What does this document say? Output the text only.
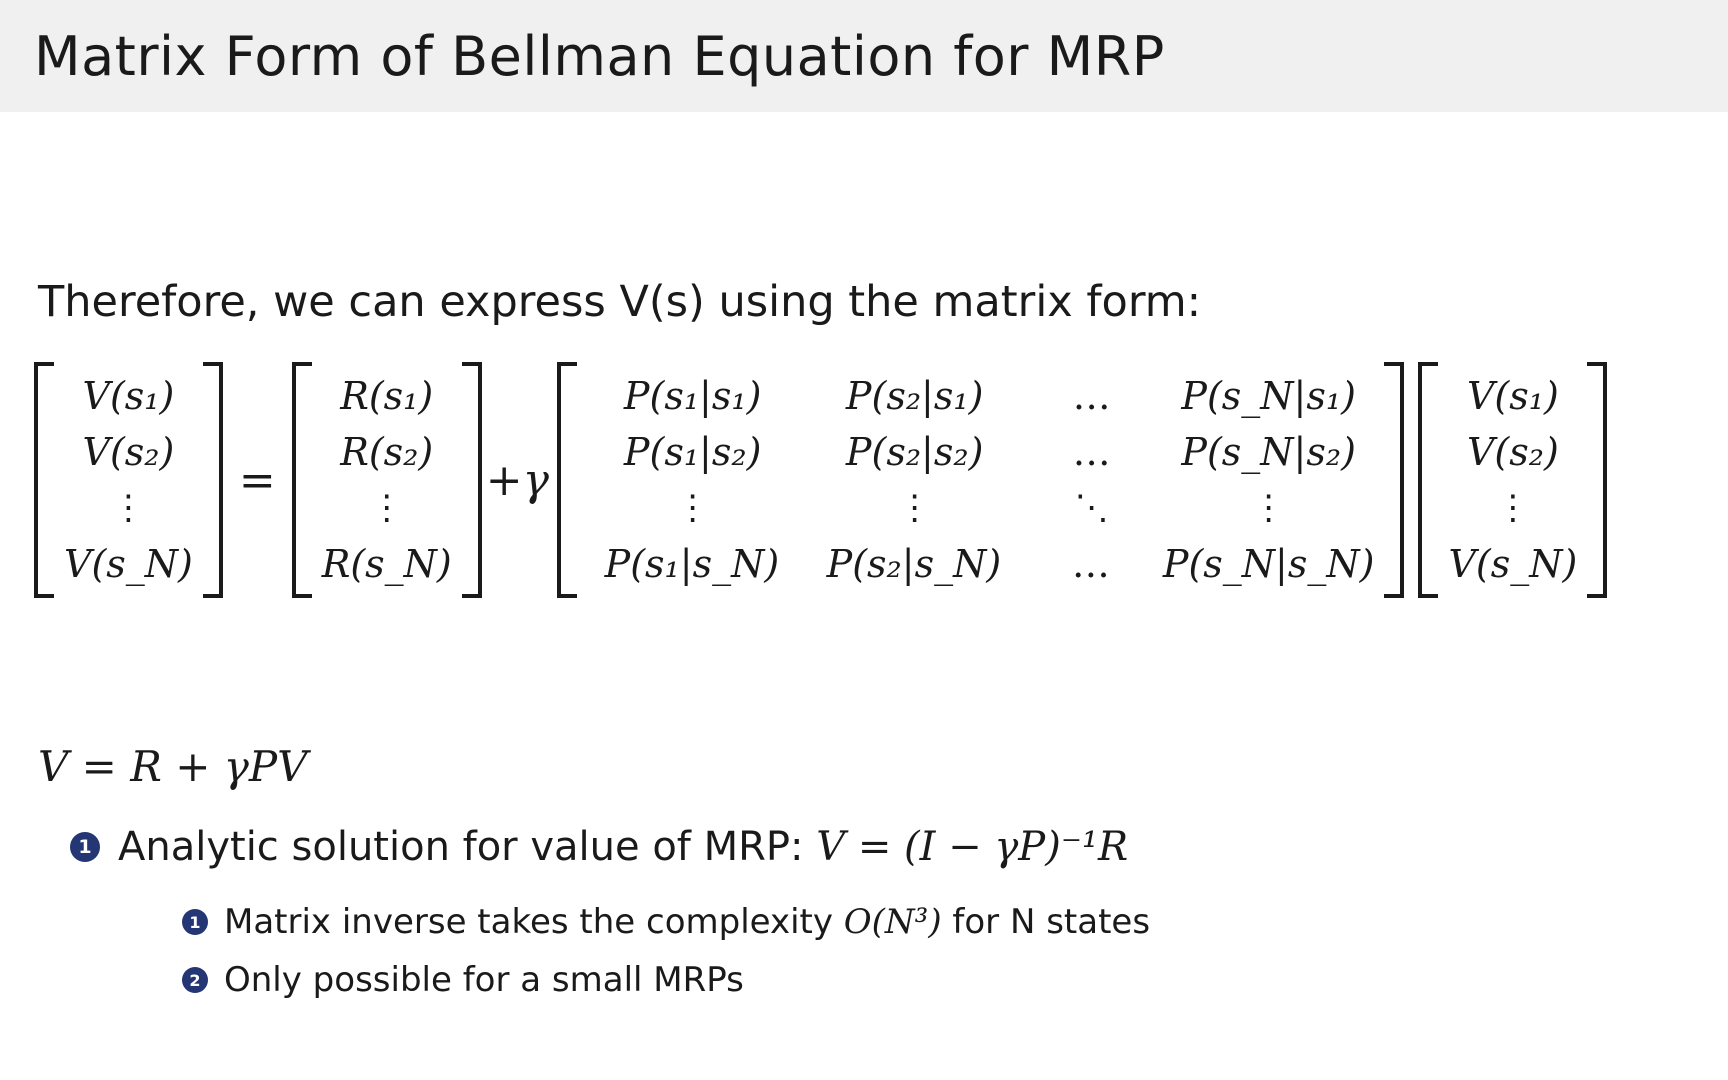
Matrix Form of Bellman Equation for MRP
Therefore, we can express V(s) using the matrix form:
V(s₁)
V(s₂)
⋮
V(s_N)
=
R(s₁)
R(s₂)
⋮
R(s_N)
+γ
P(s₁|s₁)	P(s₂|s₁)	…	P(s_N|s₁)
P(s₁|s₂)	P(s₂|s₂)	…	P(s_N|s₂)
⋮	⋮	⋱	⋮
P(s₁|s_N)	P(s₂|s_N)	…	P(s_N|s_N)
V(s₁)
V(s₂)
⋮
V(s_N)
V = R + γPV
1 Analytic solution for value of MRP:
V = (I − γP)⁻¹R
1 Matrix inverse takes the complexity
O(N³)
for N states
2 Only possible for a small MRPs
